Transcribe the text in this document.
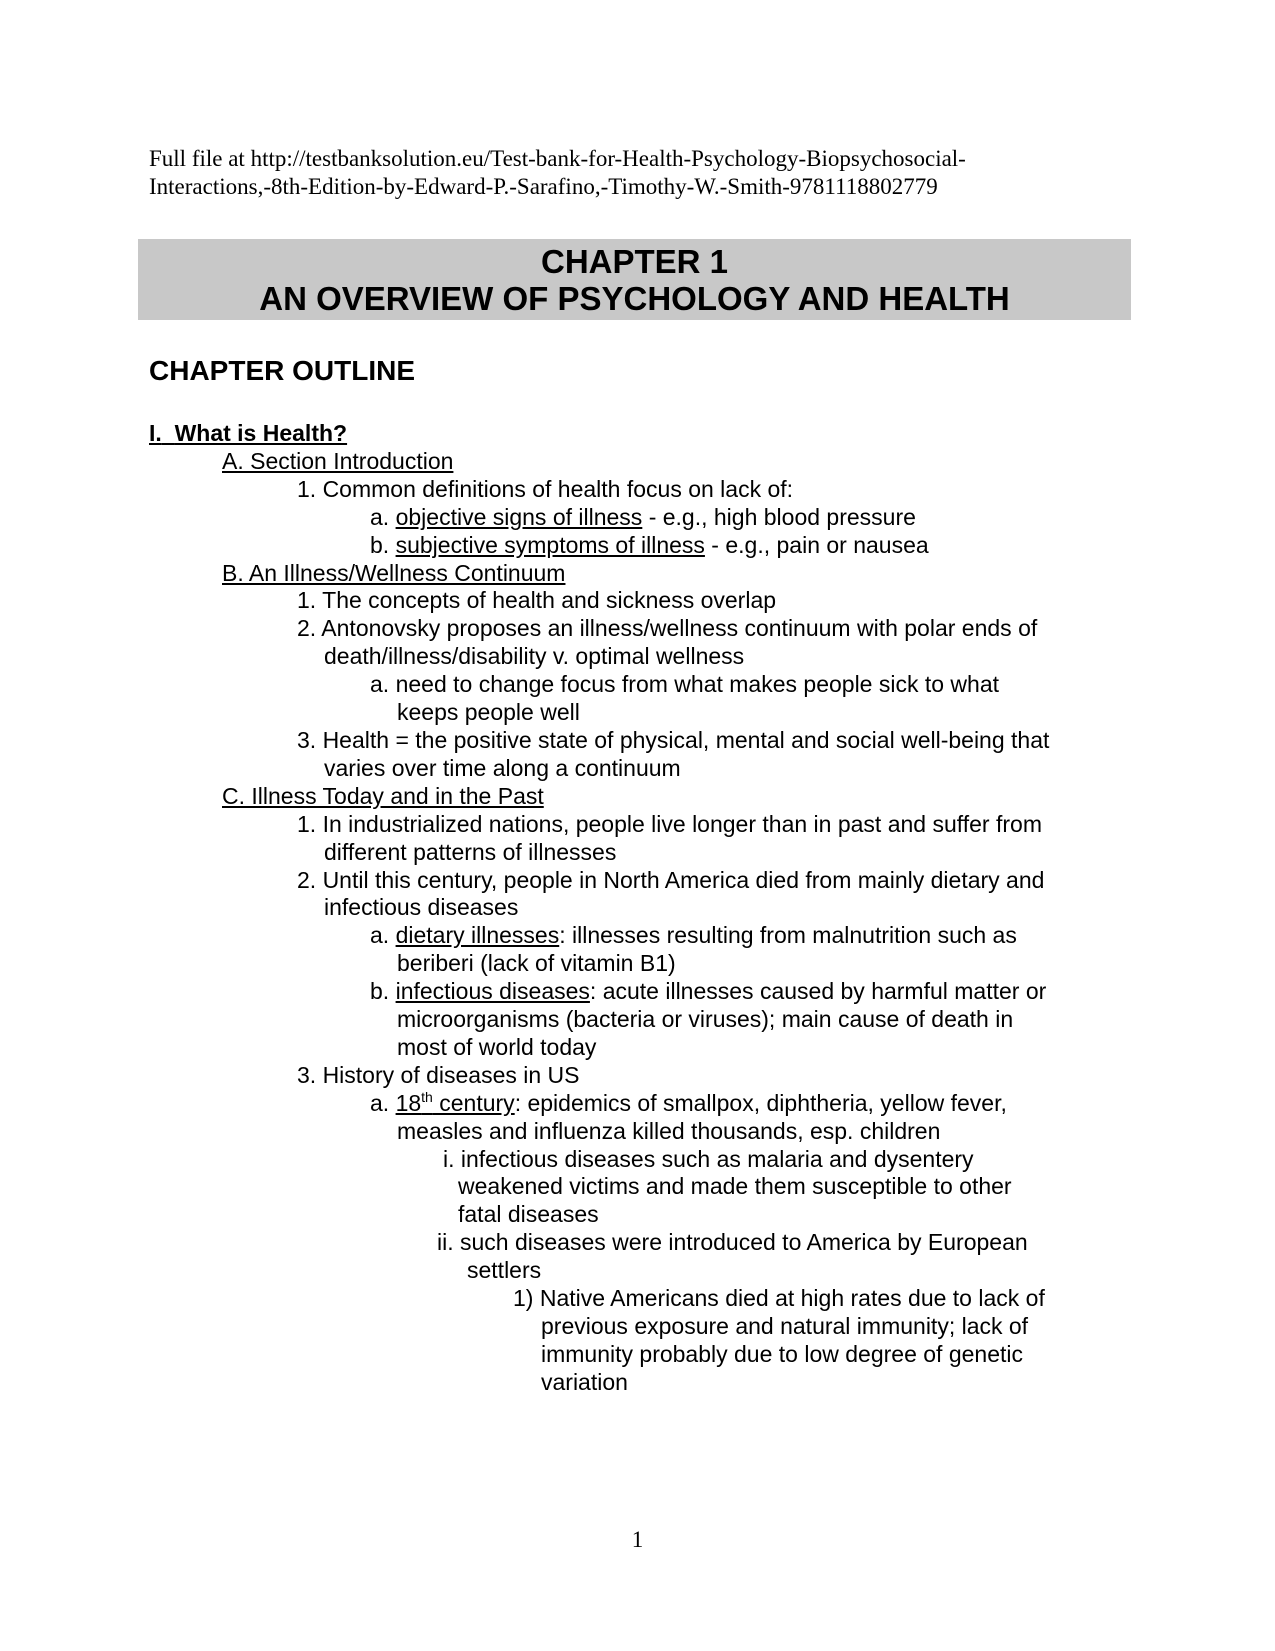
Full file at http://testbanksolution.eu/Test-bank-for-Health-Psychology-Biopsychosocial-
Interactions,-8th-Edition-by-Edward-P.-Sarafino,-Timothy-W.-Smith-9781118802779
CHAPTER 1
AN OVERVIEW OF PSYCHOLOGY AND HEALTH
CHAPTER OUTLINE
I. What is Health?
A. Section Introduction
1. Common definitions of health focus on lack of:
a. objective signs of illness - e.g., high blood pressure
b. subjective symptoms of illness - e.g., pain or nausea
B. An Illness/Wellness Continuum
1. The concepts of health and sickness overlap
2. Antonovsky proposes an illness/wellness continuum with polar ends of
death/illness/disability v. optimal wellness
a. need to change focus from what makes people sick to what
keeps people well
3. Health = the positive state of physical, mental and social well-being that
varies over time along a continuum
C. Illness Today and in the Past
1. In industrialized nations, people live longer than in past and suffer from
different patterns of illnesses
2. Until this century, people in North America died from mainly dietary and
infectious diseases
a. dietary illnesses: illnesses resulting from malnutrition such as
beriberi (lack of vitamin B1)
b. infectious diseases: acute illnesses caused by harmful matter or
microorganisms (bacteria or viruses); main cause of death in
most of world today
3. History of diseases in US
a. 18th century: epidemics of smallpox, diphtheria, yellow fever,
measles and influenza killed thousands, esp. children
i. infectious diseases such as malaria and dysentery
weakened victims and made them susceptible to other
fatal diseases
ii. such diseases were introduced to America by European
settlers
1) Native Americans died at high rates due to lack of
previous exposure and natural immunity; lack of
immunity probably due to low degree of genetic
variation
1
